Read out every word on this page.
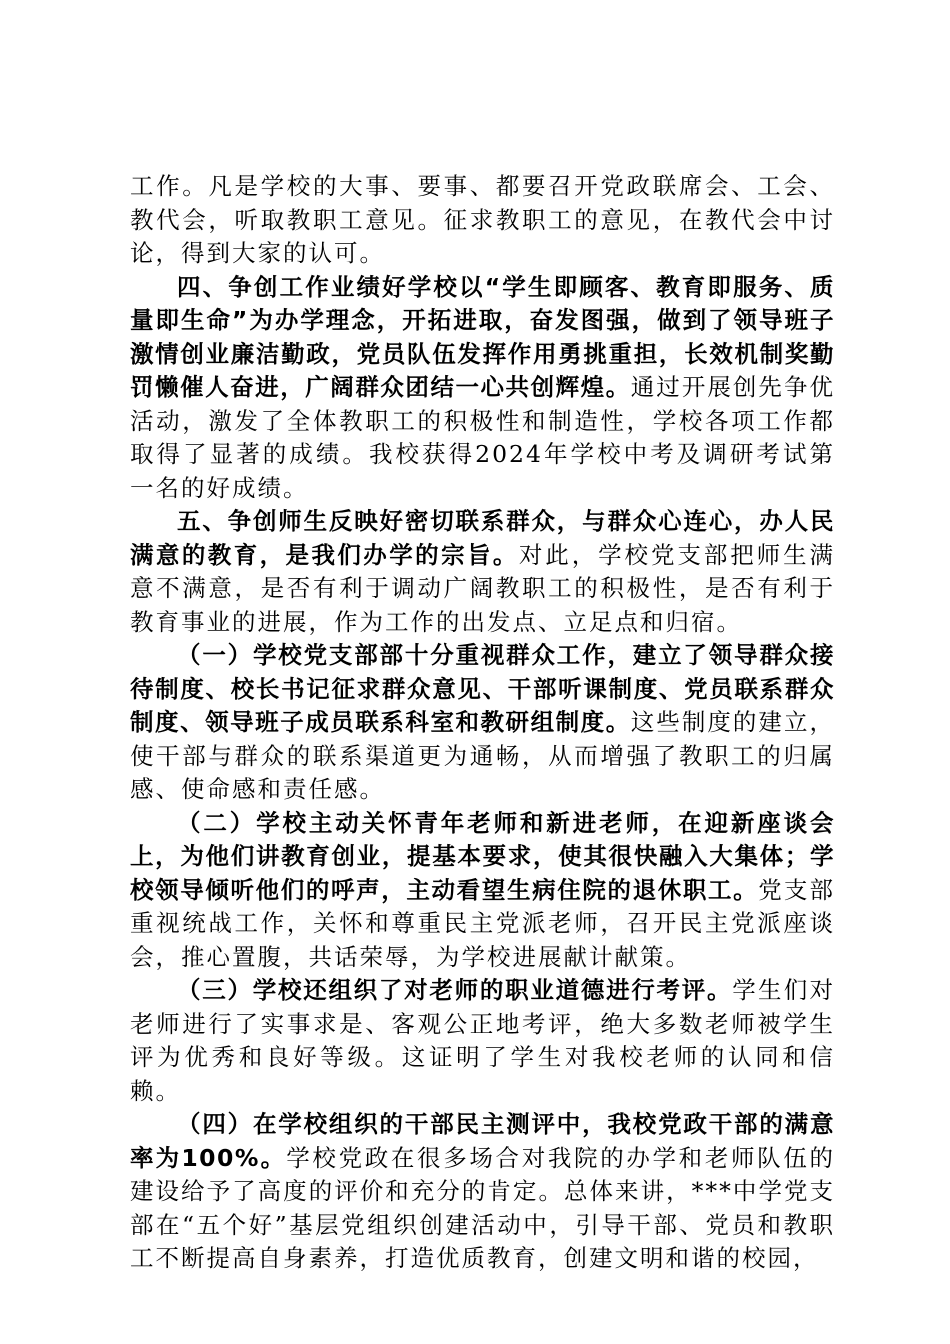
工作。凡是学校的大事、要事、都要召开党政联席会、工会、教代会，听取教职工意见。征求教职工的意见，在教代会中讨论，得到大家的认可。

四、争创工作业绩好学校以“学生即顾客、教育即服务、质量即生命”为办学理念，开拓进取，奋发图强，做到了领导班子激情创业廉洁勤政，党员队伍发挥作用勇挑重担，长效机制奖勤罚懒催人奋进，广阔群众团结一心共创辉煌。通过开展创先争优活动，激发了全体教职工的积极性和制造性，学校各项工作都取得了显著的成绩。我校获得2024年学校中考及调研考试第一名的好成绩。

五、争创师生反映好密切联系群众，与群众心连心，办人民满意的教育，是我们办学的宗旨。对此，学校党支部把师生满意不满意，是否有利于调动广阔教职工的积极性，是否有利于教育事业的进展，作为工作的出发点、立足点和归宿。

（一）学校党支部部十分重视群众工作，建立了领导群众接待制度、校长书记征求群众意见、干部听课制度、党员联系群众制度、领导班子成员联系科室和教研组制度。这些制度的建立，使干部与群众的联系渠道更为通畅，从而增强了教职工的归属感、使命感和责任感。

（二）学校主动关怀青年老师和新进老师，在迎新座谈会上，为他们讲教育创业，提基本要求，使其很快融入大集体；学校领导倾听他们的呼声，主动看望生病住院的退休职工。党支部重视统战工作，关怀和尊重民主党派老师，召开民主党派座谈会，推心置腹，共话荣辱，为学校进展献计献策。

（三）学校还组织了对老师的职业道德进行考评。学生们对老师进行了实事求是、客观公正地考评，绝大多数老师被学生评为优秀和良好等级。这证明了学生对我校老师的认同和信赖。

（四）在学校组织的干部民主测评中，我校党政干部的满意率为100%。学校党政在很多场合对我院的办学和老师队伍的建设给予了高度的评价和充分的肯定。总体来讲，***中学党支部在“五个好”基层党组织创建活动中，引导干部、党员和教职工不断提高自身素养，打造优质教育，创建文明和谐的校园，
